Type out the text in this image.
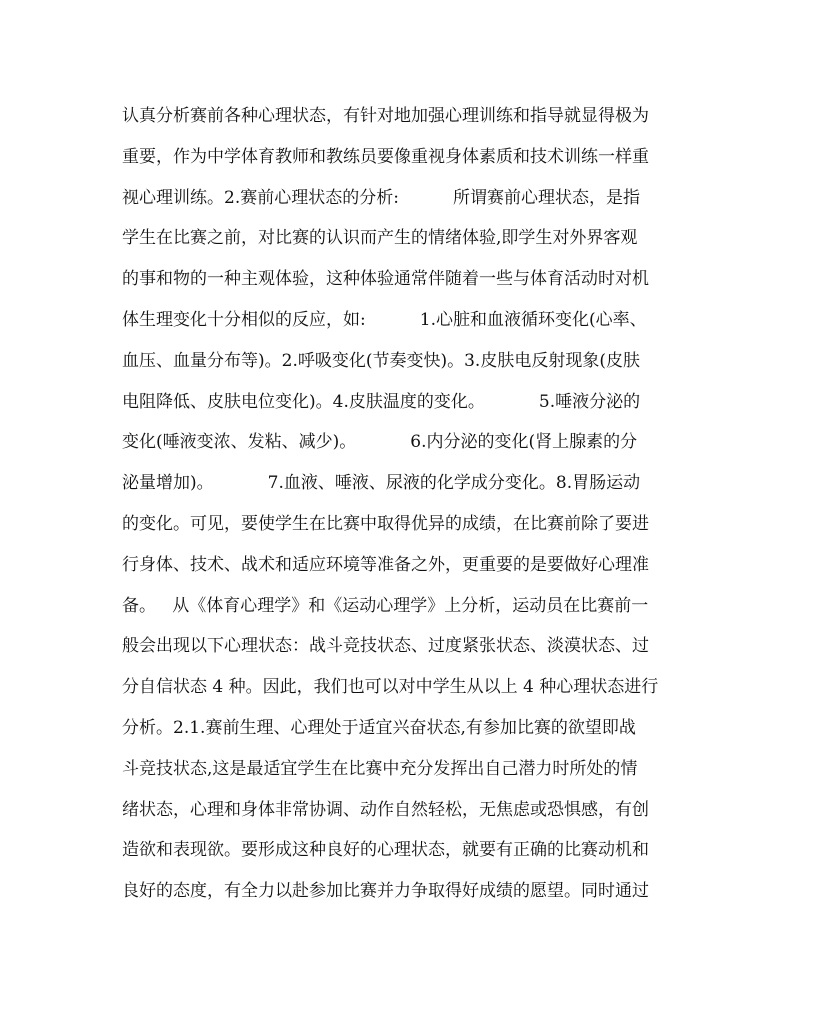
认真分析赛前各种心理状态，有针对地加强心理训练和指导就显得极为
重要，作为中学体育教师和教练员要像重视身体素质和技术训练一样重
视心理训练。2.赛前心理状态的分析:          所谓赛前心理状态，是指
学生在比赛之前，对比赛的认识而产生的情绪体验,即学生对外界客观
的事和物的一种主观体验，这种体验通常伴随着一些与体育活动时对机
体生理变化十分相似的反应，如:          1.心脏和血液循环变化(心率、
血压、血量分布等)。2.呼吸变化(节奏变快)。3.皮肤电反射现象(皮肤
电阻降低、皮肤电位变化)。4.皮肤温度的变化。          5.唾液分泌的
变化(唾液变浓、发粘、减少)。          6.内分泌的变化(肾上腺素的分
泌量增加)。          7.血液、唾液、尿液的化学成分变化。8.胃肠运动
的变化。可见，要使学生在比赛中取得优异的成绩，在比赛前除了要进
行身体、技术、战术和适应环境等准备之外，更重要的是要做好心理准
备。   从《体育心理学》和《运动心理学》上分析，运动员在比赛前一
般会出现以下心理状态：战斗竞技状态、过度紧张状态、淡漠状态、过
分自信状态 4 种。因此，我们也可以对中学生从以上 4 种心理状态进行
分析。2.1.赛前生理、心理处于适宜兴奋状态,有参加比赛的欲望即战
斗竞技状态,这是最适宜学生在比赛中充分发挥出自己潜力时所处的情
绪状态，心理和身体非常协调、动作自然轻松，无焦虑或恐惧感，有创
造欲和表现欲。要形成这种良好的心理状态，就要有正确的比赛动机和
良好的态度，有全力以赴参加比赛并力争取得好成绩的愿望。同时通过
